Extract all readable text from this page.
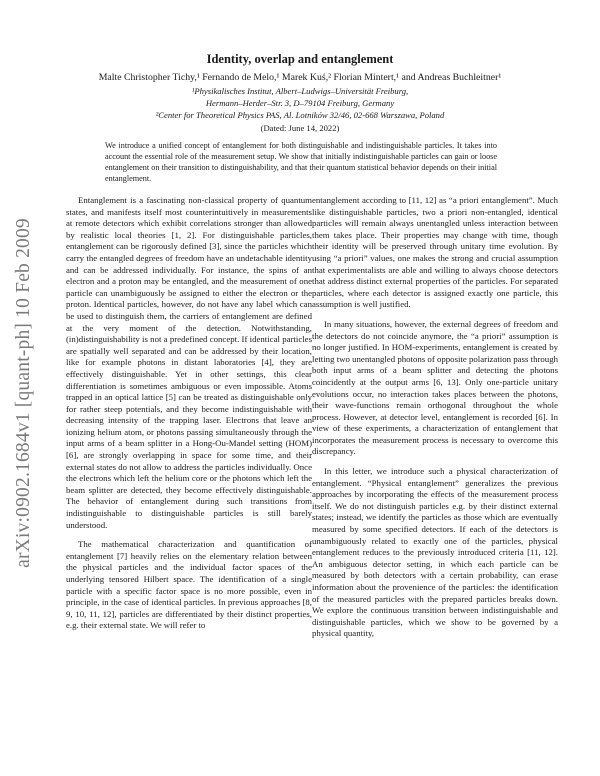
arXiv:0902.1684v1 [quant-ph] 10 Feb 2009
Identity, overlap and entanglement
Malte Christopher Tichy,¹ Fernando de Melo,¹ Marek Kuś,² Florian Mintert,¹ and Andreas Buchleitner¹
¹Physikalisches Institut, Albert–Ludwigs–Universität Freiburg,
Hermann–Herder–Str. 3, D–79104 Freiburg, Germany
²Center for Theoretical Physics PAS, Al. Lotników 32/46, 02-668 Warszawa, Poland
(Dated: June 14, 2022)

We introduce a unified concept of entanglement for both distinguishable and indistinguishable particles. It takes into account the essential role of the measurement setup. We show that initially indistinguishable particles can gain or loose entanglement on their transition to distinguishability, and that their quantum statistical behavior depends on their initial entanglement.

Entanglement is a fascinating non-classical property of quantum states, and manifests itself most counterintuitively in measurements at remote detectors which exhibit correlations stronger than allowed by realistic local theories [1, 2]. For distinguishable particles, entanglement can be rigorously defined [3], since the particles which carry the entangled degrees of freedom have an undetachable identity and can be addressed individually. For instance, the spins of an electron and a proton may be entangled, and the measurement of one particle can unambiguously be assigned to either the electron or the proton. Identical particles, however, do not have any label which can be used to distinguish them, the carriers of entanglement are defined at the very moment of the detection. Notwithstanding, (in)distinguishability is not a predefined concept. If identical particles are spatially well separated and can be addressed by their location, like for example photons in distant laboratories [4], they are effectively distinguishable. Yet in other settings, this clear differentiation is sometimes ambiguous or even impossible. Atoms trapped in an optical lattice [5] can be treated as distinguishable only for rather steep potentials, and they become indistinguishable with decreasing intensity of the trapping laser. Electrons that leave an ionizing helium atom, or photons passing simultaneously through the input arms of a beam splitter in a Hong-Ou-Mandel setting (HOM) [6], are strongly overlapping in space for some time, and their external states do not allow to address the particles individually. Once the electrons which left the helium core or the photons which left the beam splitter are detected, they become effectively distinguishable. The behavior of entanglement during such transitions from indistinguishable to distinguishable particles is still barely understood.

The mathematical characterization and quantification of entanglement [7] heavily relies on the elementary relation between the physical particles and the individual factor spaces of the underlying tensored Hilbert space. The identification of a single particle with a specific factor space is no more possible, even in principle, in the case of identical particles. In previous approaches [8, 9, 10, 11, 12], particles are differentiated by their distinct properties, e.g. their external state. We will refer to

entanglement according to [11, 12] as “a priori entanglement”. Much like distinguishable particles, two a priori non-entangled, identical particles will remain always unentangled unless interaction between them takes place. Their properties may change with time, though their identity will be preserved through unitary time evolution. By using “a priori” values, one makes the strong and crucial assumption that experimentalists are able and willing to always choose detectors that address distinct external properties of the particles. For separated particles, where each detector is assigned exactly one particle, this assumption is well justified.

In many situations, however, the external degrees of freedom and the detectors do not coincide anymore, the “a priori” assumption is no longer justified. In HOM-experiments, entanglement is created by letting two unentangled photons of opposite polarization pass through both input arms of a beam splitter and detecting the photons coincidently at the output arms [6, 13]. Only one-particle unitary evolutions occur, no interaction takes places between the photons, their wave-functions remain orthogonal throughout the whole process. However, at detector level, entanglement is recorded [6]. In view of these experiments, a characterization of entanglement that incorporates the measurement process is necessary to overcome this discrepancy.

In this letter, we introduce such a physical characterization of entanglement. “Physical entanglement” generalizes the previous approaches by incorporating the effects of the measurement process itself. We do not distinguish particles e.g. by their distinct external states; instead, we identify the particles as those which are eventually measured by some specified detectors. If each of the detectors is unambiguously related to exactly one of the particles, physical entanglement reduces to the previously introduced criteria [11, 12]. An ambiguous detector setting, in which each particle can be measured by both detectors with a certain probability, can erase information about the provenience of the particles: the identification of the measured particles with the prepared particles breaks down. We explore the continuous transition between indistinguishable and distinguishable particles, which we show to be governed by a physical quantity,
